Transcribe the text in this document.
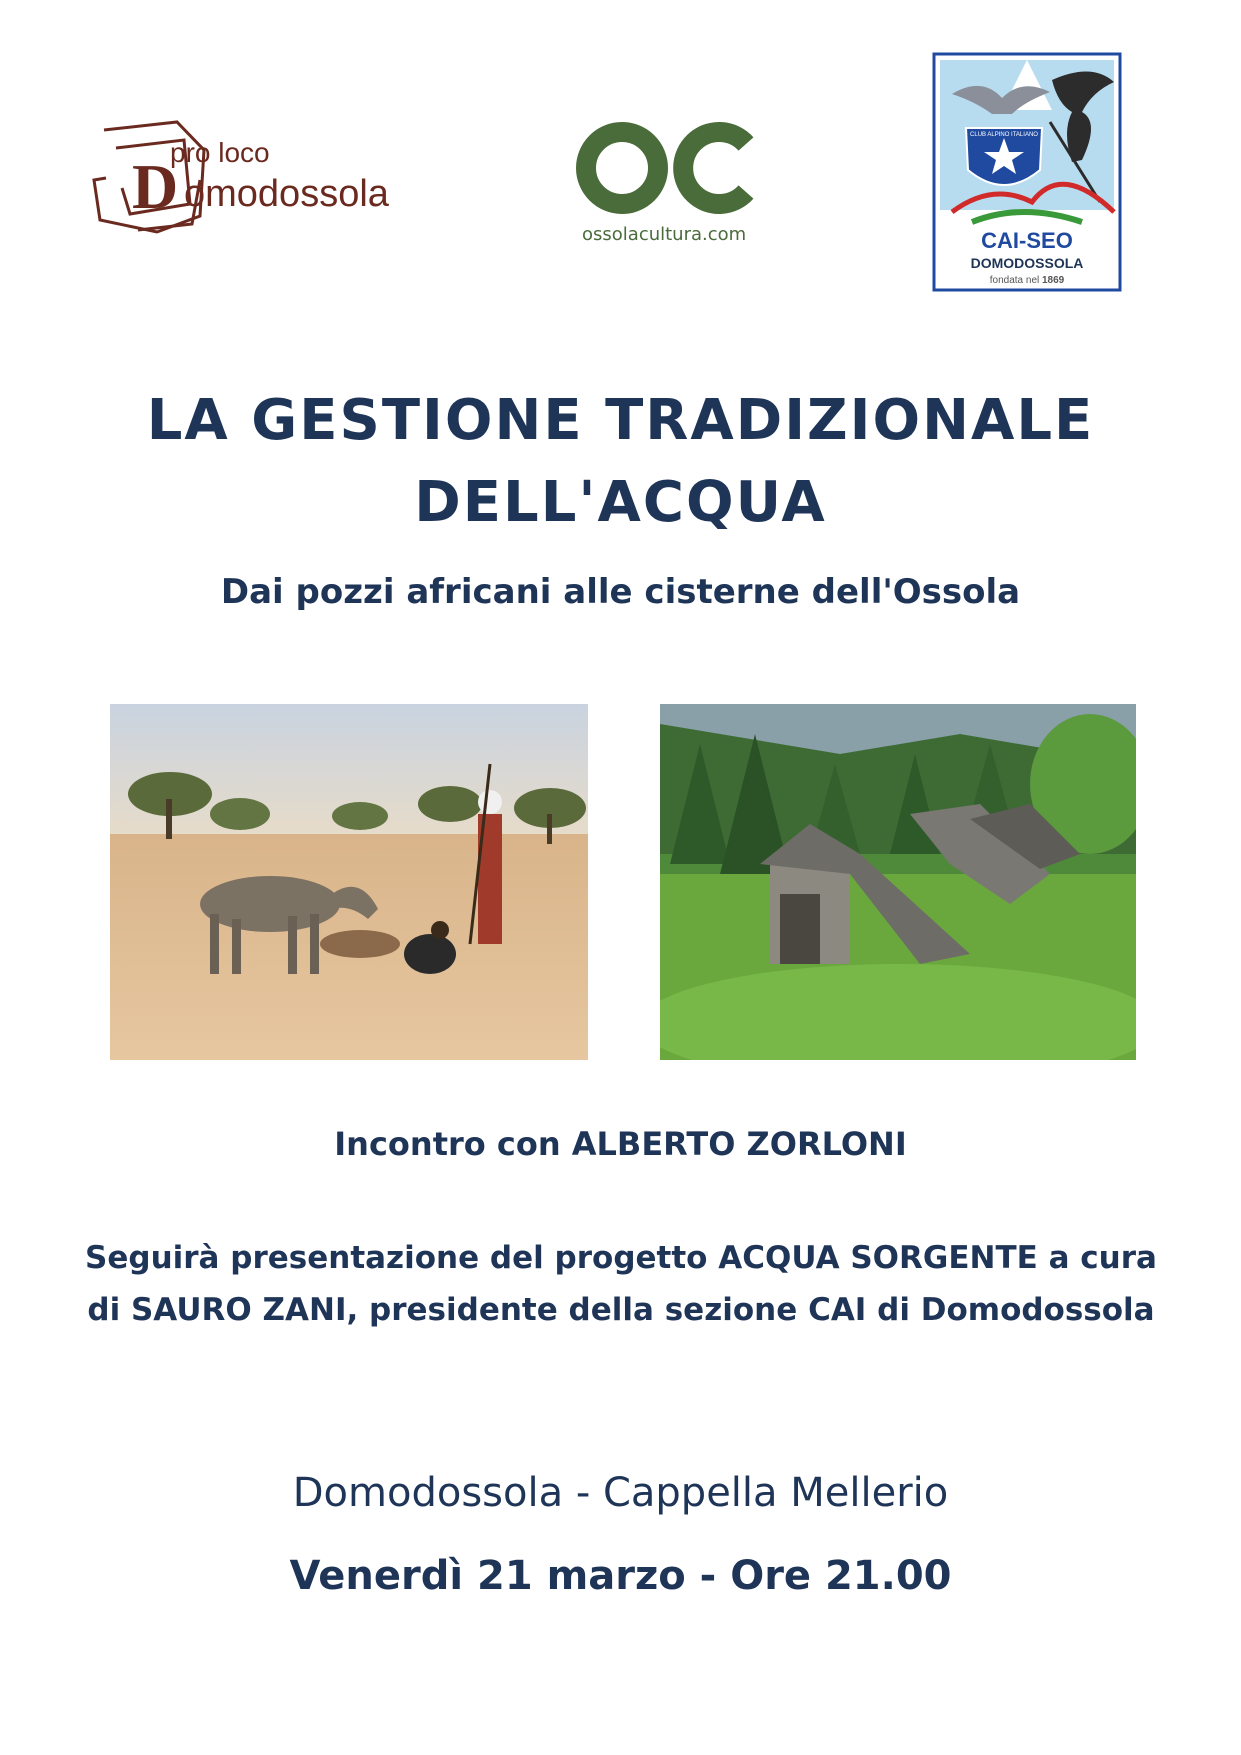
pro loco
D omodossola
ossolacultura.com	CAI-SEO
DOMODOSSOLA
fondata nel 1869
CLUB ALPINO ITALIANO
LA GESTIONE TRADIZIONALE
DELL'ACQUA
Dai pozzi africani alle cisterne dell'Ossola
Incontro con ALBERTO ZORLONI
Seguirà presentazione del progetto ACQUA SORGENTE a cura
di SAURO ZANI, presidente della sezione CAI di Domodossola
Domodossola - Cappella Mellerio
Venerdì 21 marzo - Ore 21.00
